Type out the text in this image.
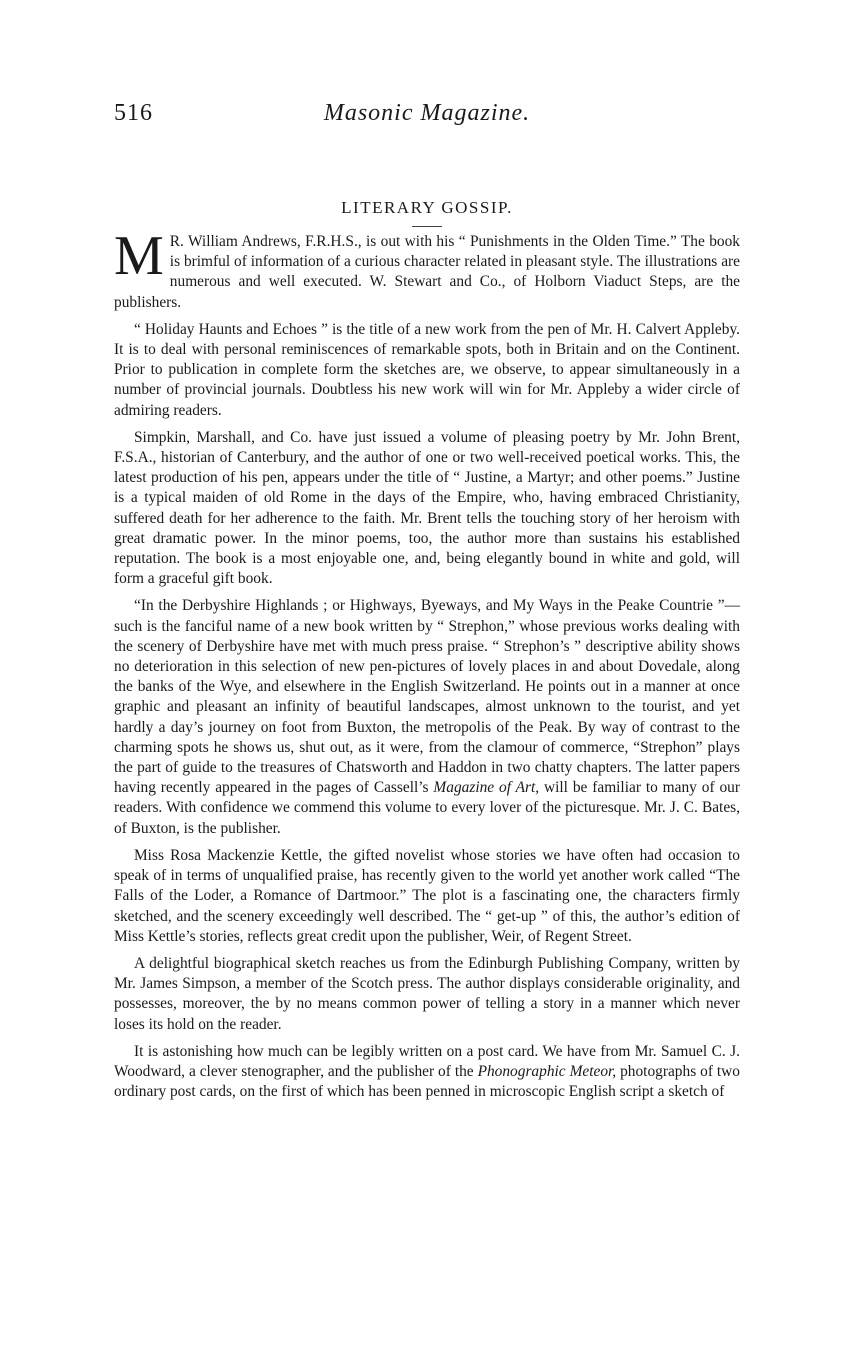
516	Masonic Magazine.
LITERARY GOSSIP.

M R. William Andrews, F.R.H.S., is out with his “ Punishments in the Olden Time.” The book is brimful of information of a curious character related in pleasant style. The illustrations are numerous and well executed. W. Stewart and Co., of Holborn Viaduct Steps, are the publishers.

“ Holiday Haunts and Echoes ” is the title of a new work from the pen of Mr. H. Calvert Appleby. It is to deal with personal reminiscences of remarkable spots, both in Britain and on the Continent. Prior to publication in complete form the sketches are, we observe, to appear simultaneously in a number of provincial journals. Doubtless his new work will win for Mr. Appleby a wider circle of admiring readers.

Simpkin, Marshall, and Co. have just issued a volume of pleasing poetry by Mr. John Brent, F.S.A., historian of Canterbury, and the author of one or two well-received poetical works. This, the latest production of his pen, appears under the title of “ Justine, a Martyr; and other poems.” Justine is a typical maiden of old Rome in the days of the Empire, who, having embraced Christianity, suffered death for her adherence to the faith. Mr. Brent tells the touching story of her heroism with great dramatic power. In the minor poems, too, the author more than sustains his established reputation. The book is a most enjoyable one, and, being elegantly bound in white and gold, will form a graceful gift book.

“In the Derbyshire Highlands ; or Highways, Byeways, and My Ways in the Peake Countrie ”—such is the fanciful name of a new book written by “ Strephon,” whose previous works dealing with the scenery of Derbyshire have met with much press praise. “ Strephon’s ” descriptive ability shows no deterioration in this selection of new pen-pictures of lovely places in and about Dovedale, along the banks of the Wye, and elsewhere in the English Switzerland. He points out in a manner at once graphic and pleasant an infinity of beautiful landscapes, almost unknown to the tourist, and yet hardly a day’s journey on foot from Buxton, the metropolis of the Peak. By way of contrast to the charming spots he shows us, shut out, as it were, from the clamour of commerce, “Strephon” plays the part of guide to the treasures of Chatsworth and Haddon in two chatty chapters. The latter papers having recently appeared in the pages of Cassell’s Magazine of Art, will be familiar to many of our readers. With confidence we commend this volume to every lover of the picturesque. Mr. J. C. Bates, of Buxton, is the publisher.

Miss Rosa Mackenzie Kettle, the gifted novelist whose stories we have often had occasion to speak of in terms of unqualified praise, has recently given to the world yet another work called “The Falls of the Loder, a Romance of Dartmoor.” The plot is a fascinating one, the characters firmly sketched, and the scenery exceedingly well described. The “ get-up ” of this, the author’s edition of Miss Kettle’s stories, reflects great credit upon the publisher, Weir, of Regent Street.

A delightful biographical sketch reaches us from the Edinburgh Publishing Company, written by Mr. James Simpson, a member of the Scotch press. The author displays considerable originality, and possesses, moreover, the by no means common power of telling a story in a manner which never loses its hold on the reader.

It is astonishing how much can be legibly written on a post card. We have from Mr. Samuel C. J. Woodward, a clever stenographer, and the publisher of the Phonographic Meteor, photographs of two ordinary post cards, on the first of which has been penned in microscopic English script a sketch of
